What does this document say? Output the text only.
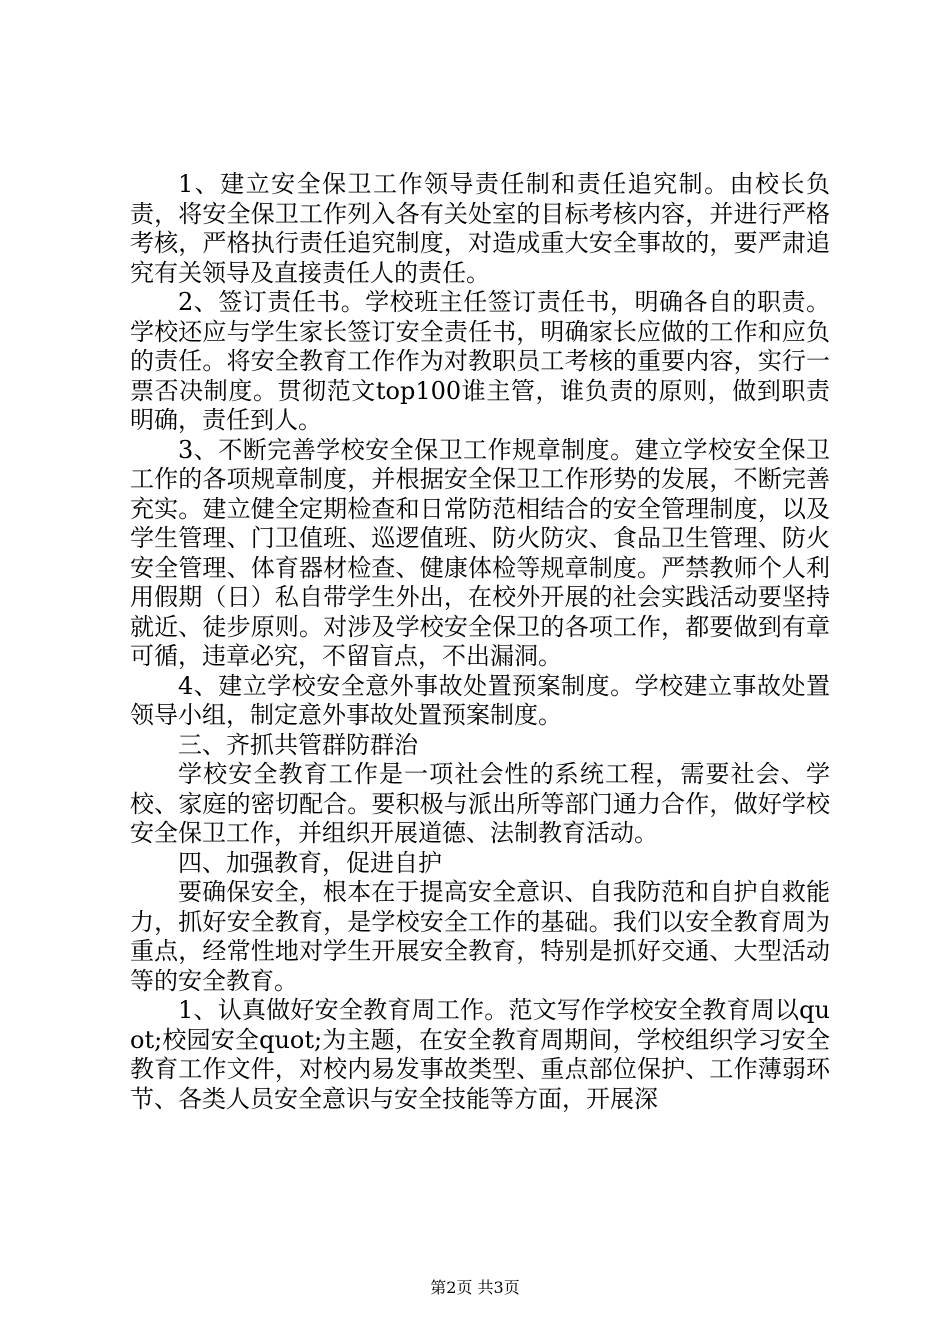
1、建立安全保卫工作领导责任制和责任追究制。由校长负责，将安全保卫工作列入各有关处室的目标考核内容，并进行严格考核，严格执行责任追究制度，对造成重大安全事故的，要严肃追究有关领导及直接责任人的责任。

2、签订责任书。学校班主任签订责任书，明确各自的职责。学校还应与学生家长签订安全责任书，明确家长应做的工作和应负的责任。将安全教育工作作为对教职员工考核的重要内容，实行一票否决制度。贯彻范文top100谁主管，谁负责的原则，做到职责明确，责任到人。

3、不断完善学校安全保卫工作规章制度。建立学校安全保卫工作的各项规章制度，并根据安全保卫工作形势的发展，不断完善充实。建立健全定期检查和日常防范相结合的安全管理制度，以及学生管理、门卫值班、巡逻值班、防火防灾、食品卫生管理、防火安全管理、体育器材检查、健康体检等规章制度。严禁教师个人利用假期（日）私自带学生外出，在校外开展的社会实践活动要坚持就近、徒步原则。对涉及学校安全保卫的各项工作，都要做到有章可循，违章必究，不留盲点，不出漏洞。

4、建立学校安全意外事故处置预案制度。学校建立事故处置领导小组，制定意外事故处置预案制度。

三、齐抓共管群防群治

学校安全教育工作是一项社会性的系统工程，需要社会、学校、家庭的密切配合。要积极与派出所等部门通力合作，做好学校安全保卫工作，并组织开展道德、法制教育活动。

四、加强教育，促进自护

要确保安全，根本在于提高安全意识、自我防范和自护自救能力，抓好安全教育，是学校安全工作的基础。我们以安全教育周为重点，经常性地对学生开展安全教育，特别是抓好交通、大型活动等的安全教育。

1、认真做好安全教育周工作。范文写作学校安全教育周以quot;校园安全quot;为主题，在安全教育周期间，学校组织学习安全教育工作文件，对校内易发事故类型、重点部位保护、工作薄弱环节、各类人员安全意识与安全技能等方面，开展深

第2页 共3页
